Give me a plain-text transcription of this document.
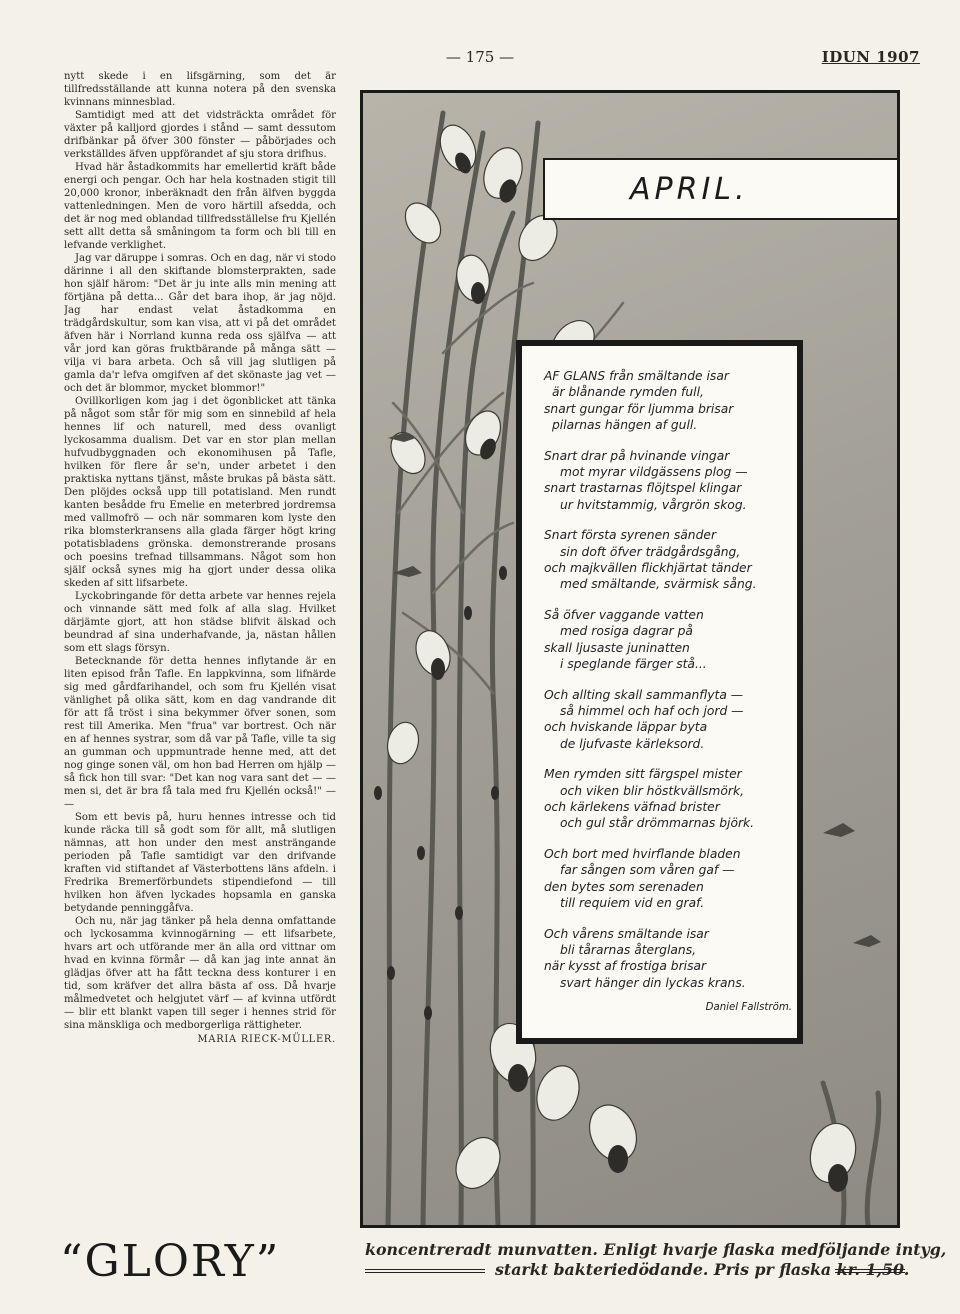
— 175 —	IDUN 1907

nytt skede i en lifsgärning, som det är tillfredsställande att kunna notera på den svenska kvinnans minnesblad.

Samtidigt med att det vidsträckta området för växter på kalljord gjordes i stånd — samt dessutom drifbänkar på öfver 300 fönster — påbörjades och verkställdes äfven uppförandet af sju stora drifhus.

Hvad här åstadkommits har emellertid kräft både energi och pengar. Och har hela kostnaden stigit till 20,000 kronor, inberäknadt den från älfven byggda vattenledningen. Men de voro härtill afsedda, och det är nog med oblandad tillfredsställelse fru Kjellén sett allt detta så småningom ta form och bli till en lefvande verklighet.

Jag var däruppe i somras. Och en dag, när vi stodo därinne i all den skiftande blomsterprakten, sade hon själf härom: "Det är ju inte alls min mening att förtjäna på detta... Går det bara ihop, är jag nöjd. Jag har endast velat åstadkomma en trädgårdskultur, som kan visa, att vi på det området äfven här i Norrland kunna reda oss själfva — att vår jord kan göras fruktbärande på många sätt — vilja vi bara arbeta. Och så vill jag slutligen på gamla da'r lefva omgifven af det skönaste jag vet — och det är blommor, mycket blommor!"

Ovillkorligen kom jag i det ögonblicket att tänka på något som står för mig som en sinnebild af hela hennes lif och naturell, med dess ovanligt lyckosamma dualism. Det var en stor plan mellan hufvudbyggnaden och ekonomihusen på Tafle, hvilken för flere år se'n, under arbetet i den praktiska nyttans tjänst, måste brukas på bästa sätt. Den plöjdes också upp till potatisland. Men rundt kanten besådde fru Emelie en meterbred jordremsa med vallmofrö — och när sommaren kom lyste den rika blomsterkransens alla glada färger högt kring potatisbladens grönska. demonstrerande prosans och poesins trefnad tillsammans. Något som hon själf också synes mig ha gjort under dessa olika skeden af sitt lifsarbete.

Lyckobringande för detta arbete var hennes rejela och vinnande sätt med folk af alla slag. Hvilket därjämte gjort, att hon städse blifvit älskad och beundrad af sina underhafvande, ja, nästan hållen som ett slags försyn.

Betecknande för detta hennes inflytande är en liten episod från Tafle. En lappkvinna, som lifnärde sig med gårdfarihandel, och som fru Kjellén visat vänlighet på olika sätt, kom en dag vandrande dit för att få tröst i sina bekymmer öfver sonen, som rest till Amerika. Men "frua" var bortrest. Och när en af hennes systrar, som då var på Tafle, ville ta sig an gumman och uppmuntrade henne med, att det nog ginge sonen väl, om hon bad Herren om hjälp — så fick hon till svar: "Det kan nog vara sant det — — men si, det är bra få tala med fru Kjellén också!" — —

Som ett bevis på, huru hennes intresse och tid kunde räcka till så godt som för allt, må slutligen nämnas, att hon under den mest ansträngande perioden på Tafle samtidigt var den drifvande kraften vid stiftandet af Västerbottens läns afdeln. i Fredrika Bremerförbundets stipendiefond — till hvilken hon äfven lyckades hopsamla en ganska betydande penninggåfva.

Och nu, när jag tänker på hela denna omfattande och lyckosamma kvinnogärning — ett lifsarbete, hvars art och utförande mer än alla ord vittnar om hvad en kvinna förmår — då kan jag inte annat än glädjas öfver att ha fått teckna dess konturer i en tid, som kräfver det allra bästa af oss. Då hvarje målmedvetet och helgjutet värf — af kvinna utfördt — blir ett blankt vapen till seger i hennes strid för sina mänskliga och medborgerliga rättigheter.

MARIA RIECK-MÜLLER.
APRIL.
AF GLANS från smältande isar
är blånande rymden full,
snart gungar för ljumma brisar
pilarnas hängen af gull.
Snart drar på hvinande vingar
mot myrar vildgässens plog —
snart trastarnas flöjtspel klingar
ur hvitstammig, vårgrön skog.
Snart första syrenen sänder
sin doft öfver trädgårdsgång,
och majkvällen flickhjärtat tänder
med smältande, svärmisk sång.
Så öfver vaggande vatten
med rosiga dagrar på
skall ljusaste juninatten
i speglande färger stå...
Och allting skall sammanflyta —
så himmel och haf och jord —
och hviskande läppar byta
de ljufvaste kärleksord.
Men rymden sitt färgspel mister
och viken blir höstkvällsmörk,
och kärlekens väfnad brister
och gul står drömmarnas björk.
Och bort med hvirflande bladen
far sången som våren gaf —
den bytes som serenaden
till requiem vid en graf.
Och vårens smältande isar
bli tårarnas återglans,
när kysst af frostiga brisar
svart hänger din lyckas krans.
Daniel Fallström.
“GLORY”	koncentreradt munvatten. Enligt hvarje flaska medföljande intyg,
starkt bakteriedödande. Pris pr flaska kr. 1,50.
